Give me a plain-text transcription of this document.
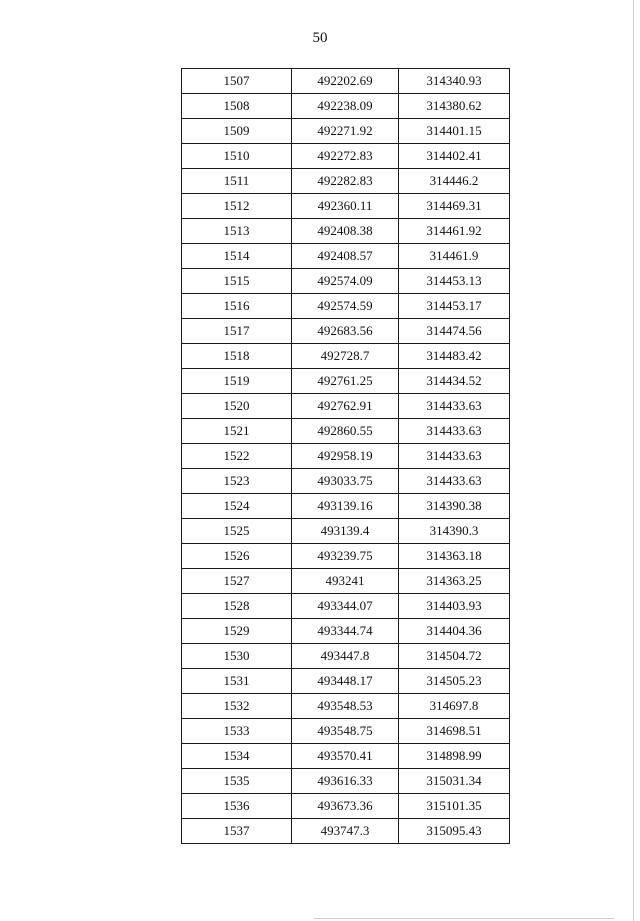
50
1507	492202.69	314340.93
1508	492238.09	314380.62
1509	492271.92	314401.15
1510	492272.83	314402.41
1511	492282.83	314446.2
1512	492360.11	314469.31
1513	492408.38	314461.92
1514	492408.57	314461.9
1515	492574.09	314453.13
1516	492574.59	314453.17
1517	492683.56	314474.56
1518	492728.7	314483.42
1519	492761.25	314434.52
1520	492762.91	314433.63
1521	492860.55	314433.63
1522	492958.19	314433.63
1523	493033.75	314433.63
1524	493139.16	314390.38
1525	493139.4	314390.3
1526	493239.75	314363.18
1527	493241	314363.25
1528	493344.07	314403.93
1529	493344.74	314404.36
1530	493447.8	314504.72
1531	493448.17	314505.23
1532	493548.53	314697.8
1533	493548.75	314698.51
1534	493570.41	314898.99
1535	493616.33	315031.34
1536	493673.36	315101.35
1537	493747.3	315095.43
